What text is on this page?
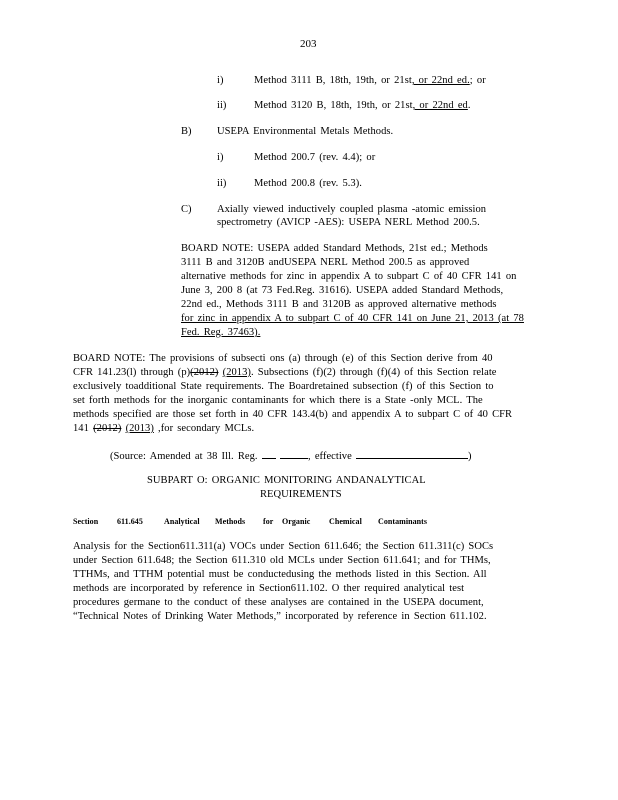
203
i)	Method 3111 B, 18th, 19th, or 21st, or 22nd ed.; or
ii)	Method 3120 B, 18th, 19th, or 21st, or 22nd ed.
B) USEPA Environmental Metals Methods.
i)	Method 200.7 (rev. 4.4); or
ii)	Method 200.8 (rev. 5.3).
C) Axially viewed inductively coupled plasma -atomic emission
spectrometry (AVICP -AES): USEPA NERL Method 200.5.
BOARD NOTE: USEPA added Standard Methods, 21st ed.; Methods
3111 B and 3120B andUSEPA NERL Method 200.5 as approved
alternative methods for zinc in appendix A to subpart C of 40 CFR 141 on
June 3, 200 8 (at 73 Fed.Reg. 31616). USEPA added Standard Methods,
22nd ed., Methods 3111 B and 3120B as approved alternative methods
for zinc in appendix A to subpart C of 40 CFR 141 on June 21, 2013 (at 78
Fed. Reg. 37463).
BOARD NOTE: The provisions of subsecti ons (a) through (e) of this Section derive from 40
CFR 141.23(l) through (p)(2012) (2013). Subsections (f)(2) through (f)(4) of this Section relate
exclusively toadditional State requirements. The Boardretained subsection (f) of this Section to
set forth methods for the inorganic contaminants for which there is a State -only MCL. The
methods specified are those set forth in 40 CFR 143.4(b) and appendix A to subpart C of 40 CFR
141 (2012) (2013) ,for secondary MCLs.
(Source: Amended at 38 Ill. Reg.	, effective	)
SUBPART O: ORGANIC MONITORING ANDANALYTICAL
REQUIREMENTS
Section 611.645	Analytical Methods for Organic Chemical Contaminants
Analysis for the Section611.311(a) VOCs under Section 611.646; the Section 611.311(c) SOCs
under Section 611.648; the Section 611.310 old MCLs under Section 611.641; and for THMs,
TTHMs, and TTHM potential must be conductedusing the methods listed in this Section. All
methods are incorporated by reference in Section611.102. O ther required analytical test
procedures germane to the conduct of these analyses are contained in the USEPA document,
“Technical Notes of Drinking Water Methods,” incorporated by reference in Section 611.102.
